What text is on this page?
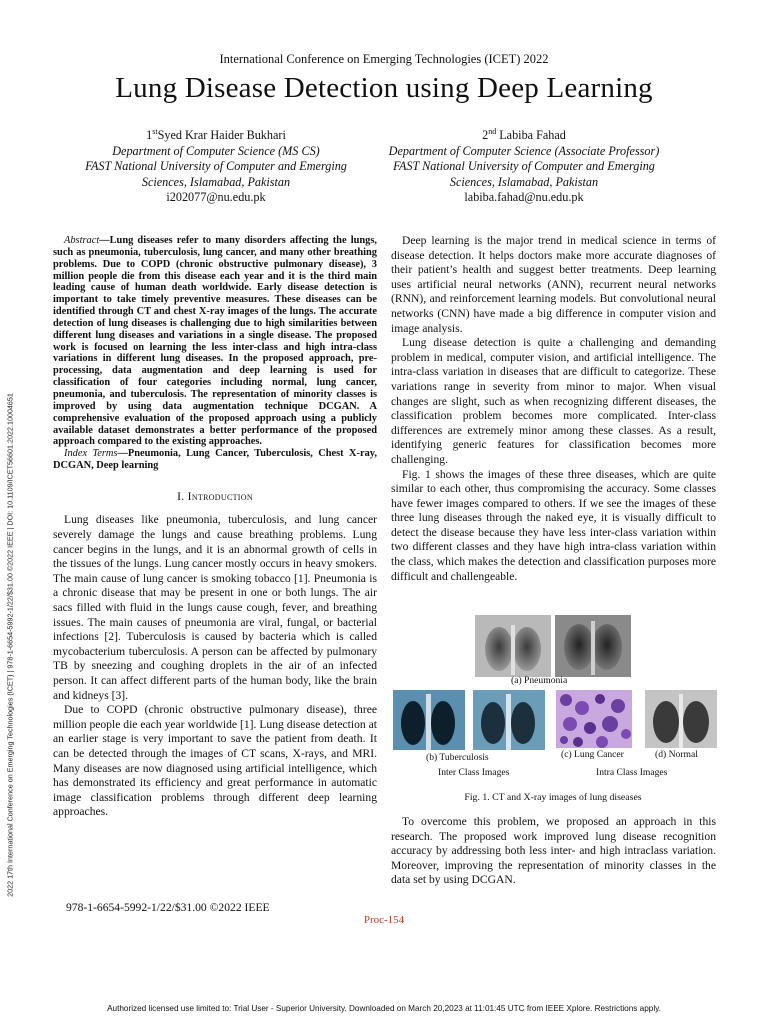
2022 17th International Conference on Emerging Technologies (ICET) | 978-1-6654-5992-1/22/$31.00 ©2022 IEEE | DOI: 10.1109/ICET56601.2022.10004651
International Conference on Emerging Technologies (ICET) 2022
Lung Disease Detection using Deep Learning
1stSyed Krar Haider Bukhari
Department of Computer Science (MS CS)
FAST National University of Computer and Emerging
Sciences, Islamabad, Pakistan
i202077@nu.edu.pk
2nd Labiba Fahad
Department of Computer Science (Associate Professor)
FAST National University of Computer and Emerging
Sciences, Islamabad, Pakistan
labiba.fahad@nu.edu.pk

Abstract—Lung diseases refer to many disorders affecting the lungs, such as pneumonia, tuberculosis, lung cancer, and many other breathing problems. Due to COPD (chronic obstructive pulmonary disease), 3 million people die from this disease each year and it is the third main leading cause of human death worldwide. Early disease detection is important to take timely preventive measures. These diseases can be identified through CT and chest X-ray images of the lungs. The accurate detection of lung diseases is challenging due to high similarities between different lung diseases and variations in a single disease. The proposed work is focused on learning the less inter-class and high intra-class variations in different lung diseases. In the proposed approach, pre-processing, data augmentation and deep learning is used for classification of four categories including normal, lung cancer, pneumonia, and tuberculosis. The representation of minority classes is improved by using data augmentation technique DCGAN. A comprehensive evaluation of the proposed approach using a publicly available dataset demonstrates a better performance of the proposed approach compared to the existing approaches.

Index Terms—Pneumonia, Lung Cancer, Tuberculosis, Chest X-ray, DCGAN, Deep learning

I. Introduction

Lung diseases like pneumonia, tuberculosis, and lung cancer severely damage the lungs and cause breathing problems. Lung cancer begins in the lungs, and it is an abnormal growth of cells in the tissues of the lungs. Lung cancer mostly occurs in heavy smokers. The main cause of lung cancer is smoking tobacco [1]. Pneumonia is a chronic disease that may be present in one or both lungs. The air sacs filled with fluid in the lungs cause cough, fever, and breathing issues. The main causes of pneumonia are viral, fungal, or bacterial infections [2]. Tuberculosis is caused by bacteria which is called mycobacterium tuberculosis. A person can be affected by pulmonary TB by sneezing and coughing droplets in the air of an infected person. It can affect different parts of the human body, like the brain and kidneys [3].

Due to COPD (chronic obstructive pulmonary disease), three million people die each year worldwide [1]. Lung disease detection at an earlier stage is very important to save the patient from death. It can be detected through the images of CT scans, X-rays, and MRI. Many diseases are now diagnosed using artificial intelligence, which has demonstrated its efficiency and great performance in automatic image classification problems through different deep learning approaches.

Deep learning is the major trend in medical science in terms of disease detection. It helps doctors make more accurate diagnoses of their patient’s health and suggest better treatments. Deep learning uses artificial neural networks (ANN), recurrent neural networks (RNN), and reinforcement learning models. But convolutional neural networks (CNN) have made a big difference in computer vision and image analysis.

Lung disease detection is quite a challenging and demanding problem in medical, computer vision, and artificial intelligence. The intra-class variation in diseases that are difficult to categorize. These variations range in severity from minor to major. When visual changes are slight, such as when recognizing different diseases, the classification problem becomes more complicated. Inter-class differences are extremely minor among these classes. As a result, identifying generic features for classification becomes more challenging.

Fig. 1 shows the images of these three diseases, which are quite similar to each other, thus compromising the accuracy. Some classes have fewer images compared to others. If we see the images of these three lung diseases through the naked eye, it is visually difficult to detect the disease because they have less inter-class variation within two different classes and they have high intra-class variation within the class, which makes the detection and classification purposes more difficult and challengeable.

(a) Pneumonia
(b) Tuberculosis	(c) Lung Cancer	(d) Normal
Inter Class Images	Intra Class Images
Fig. 1. CT and X-ray images of lung diseases

To overcome this problem, we proposed an approach in this research. The proposed work improved lung disease recognition accuracy by addressing both less inter- and high intraclass variation. Moreover, improving the representation of minority classes in the data set by using DCGAN.

978-1-6654-5992-1/22/$31.00 ©2022 IEEE
Proc-154
Authorized licensed use limited to: Trial User - Superior University. Downloaded on March 20,2023 at 11:01:45 UTC from IEEE Xplore. Restrictions apply.
